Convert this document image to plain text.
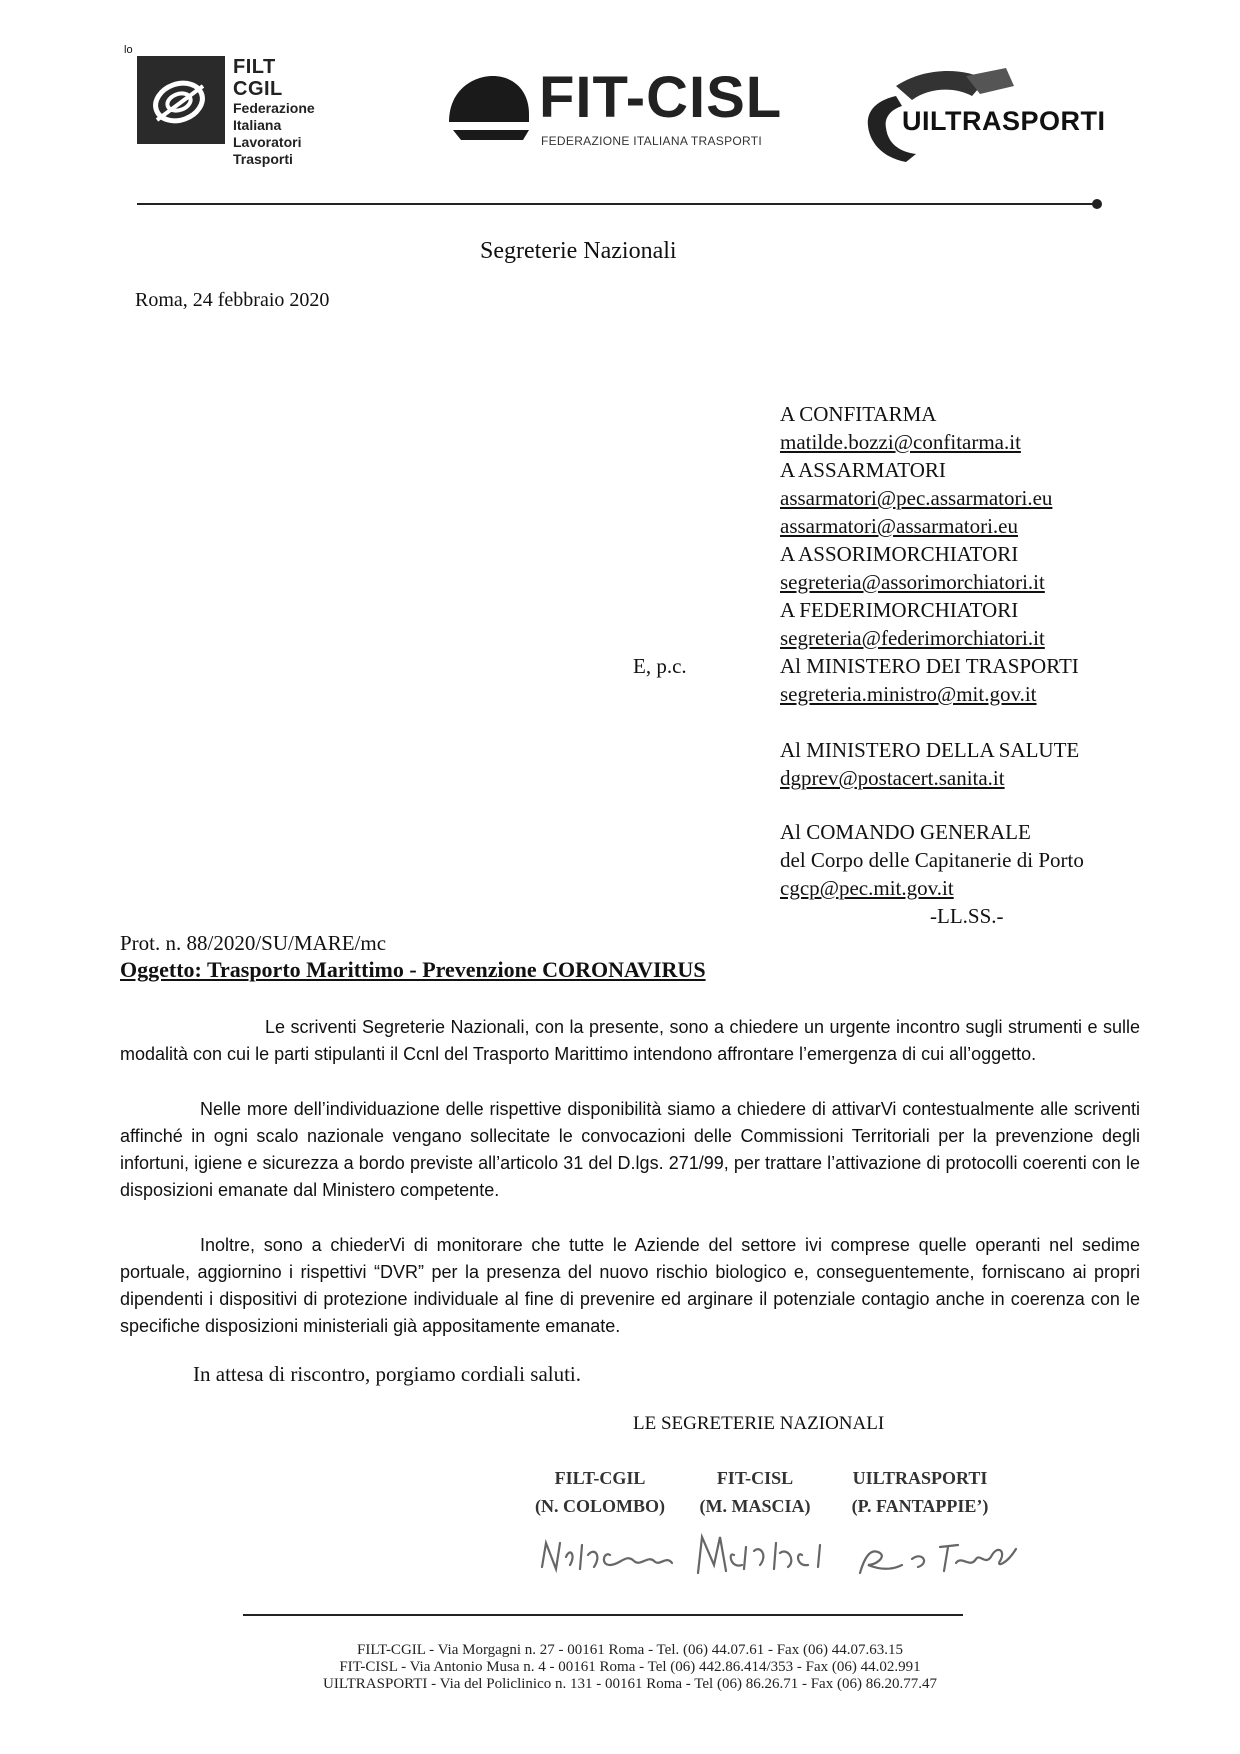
lo
FILT CGIL
Federazione
Italiana
Lavoratori
Trasporti
FIT-CISL
FEDERAZIONE ITALIANA TRASPORTI
UILTRASPORTI
Segreterie Nazionali
Roma, 24 febbraio 2020
A CONFITARMA
matilde.bozzi@confitarma.it
A ASSARMATORI
assarmatori@pec.assarmatori.eu
assarmatori@assarmatori.eu
A ASSORIMORCHIATORI
segreteria@assorimorchiatori.it
A FEDERIMORCHIATORI
segreteria@federimorchiatori.it
Al MINISTERO DEI TRASPORTI
segreteria.ministro@mit.gov.it
E, p.c.
Al MINISTERO DELLA SALUTE
dgprev@postacert.sanita.it
Al COMANDO GENERALE
del Corpo delle Capitanerie di Porto
cgcp@pec.mit.gov.it
-LL.SS.-
Prot. n. 88/2020/SU/MARE/mc
Oggetto: Trasporto Marittimo - Prevenzione CORONAVIRUS
Le scriventi Segreterie Nazionali, con la presente, sono a chiedere un urgente incontro sugli strumenti e sulle modalità con cui le parti stipulanti il Ccnl del Trasporto Marittimo intendono affrontare l’emergenza di cui all’oggetto.
Nelle more dell’individuazione delle rispettive disponibilità siamo a chiedere di attivarVi contestualmente alle scriventi affinché in ogni scalo nazionale vengano sollecitate le convocazioni delle Commissioni Territoriali per la prevenzione degli infortuni, igiene e sicurezza a bordo previste all’articolo 31 del D.lgs. 271/99, per trattare l’attivazione di protocolli coerenti con le disposizioni emanate dal Ministero competente.
Inoltre, sono a chiederVi di monitorare che tutte le Aziende del settore ivi comprese quelle operanti nel sedime portuale, aggiornino i rispettivi “DVR” per la presenza del nuovo rischio biologico e, conseguentemente, forniscano ai propri dipendenti i dispositivi di protezione individuale al fine di prevenire ed arginare il potenziale contagio anche in coerenza con le specifiche disposizioni ministeriali già appositamente emanate.
In attesa di riscontro, porgiamo cordiali saluti.
LE SEGRETERIE NAZIONALI
FILT-CGIL
(N. COLOMBO)
FIT-CISL
(M. MASCIA)
UILTRASPORTI
(P. FANTAPPIE’)
FILT-CGIL - Via Morgagni n. 27 - 00161 Roma - Tel. (06) 44.07.61 - Fax (06) 44.07.63.15
FIT-CISL - Via Antonio Musa n. 4 - 00161 Roma - Tel (06) 442.86.414/353 - Fax (06) 44.02.991
UILTRASPORTI - Via del Policlinico n. 131 - 00161 Roma - Tel (06) 86.26.71 - Fax (06) 86.20.77.47
